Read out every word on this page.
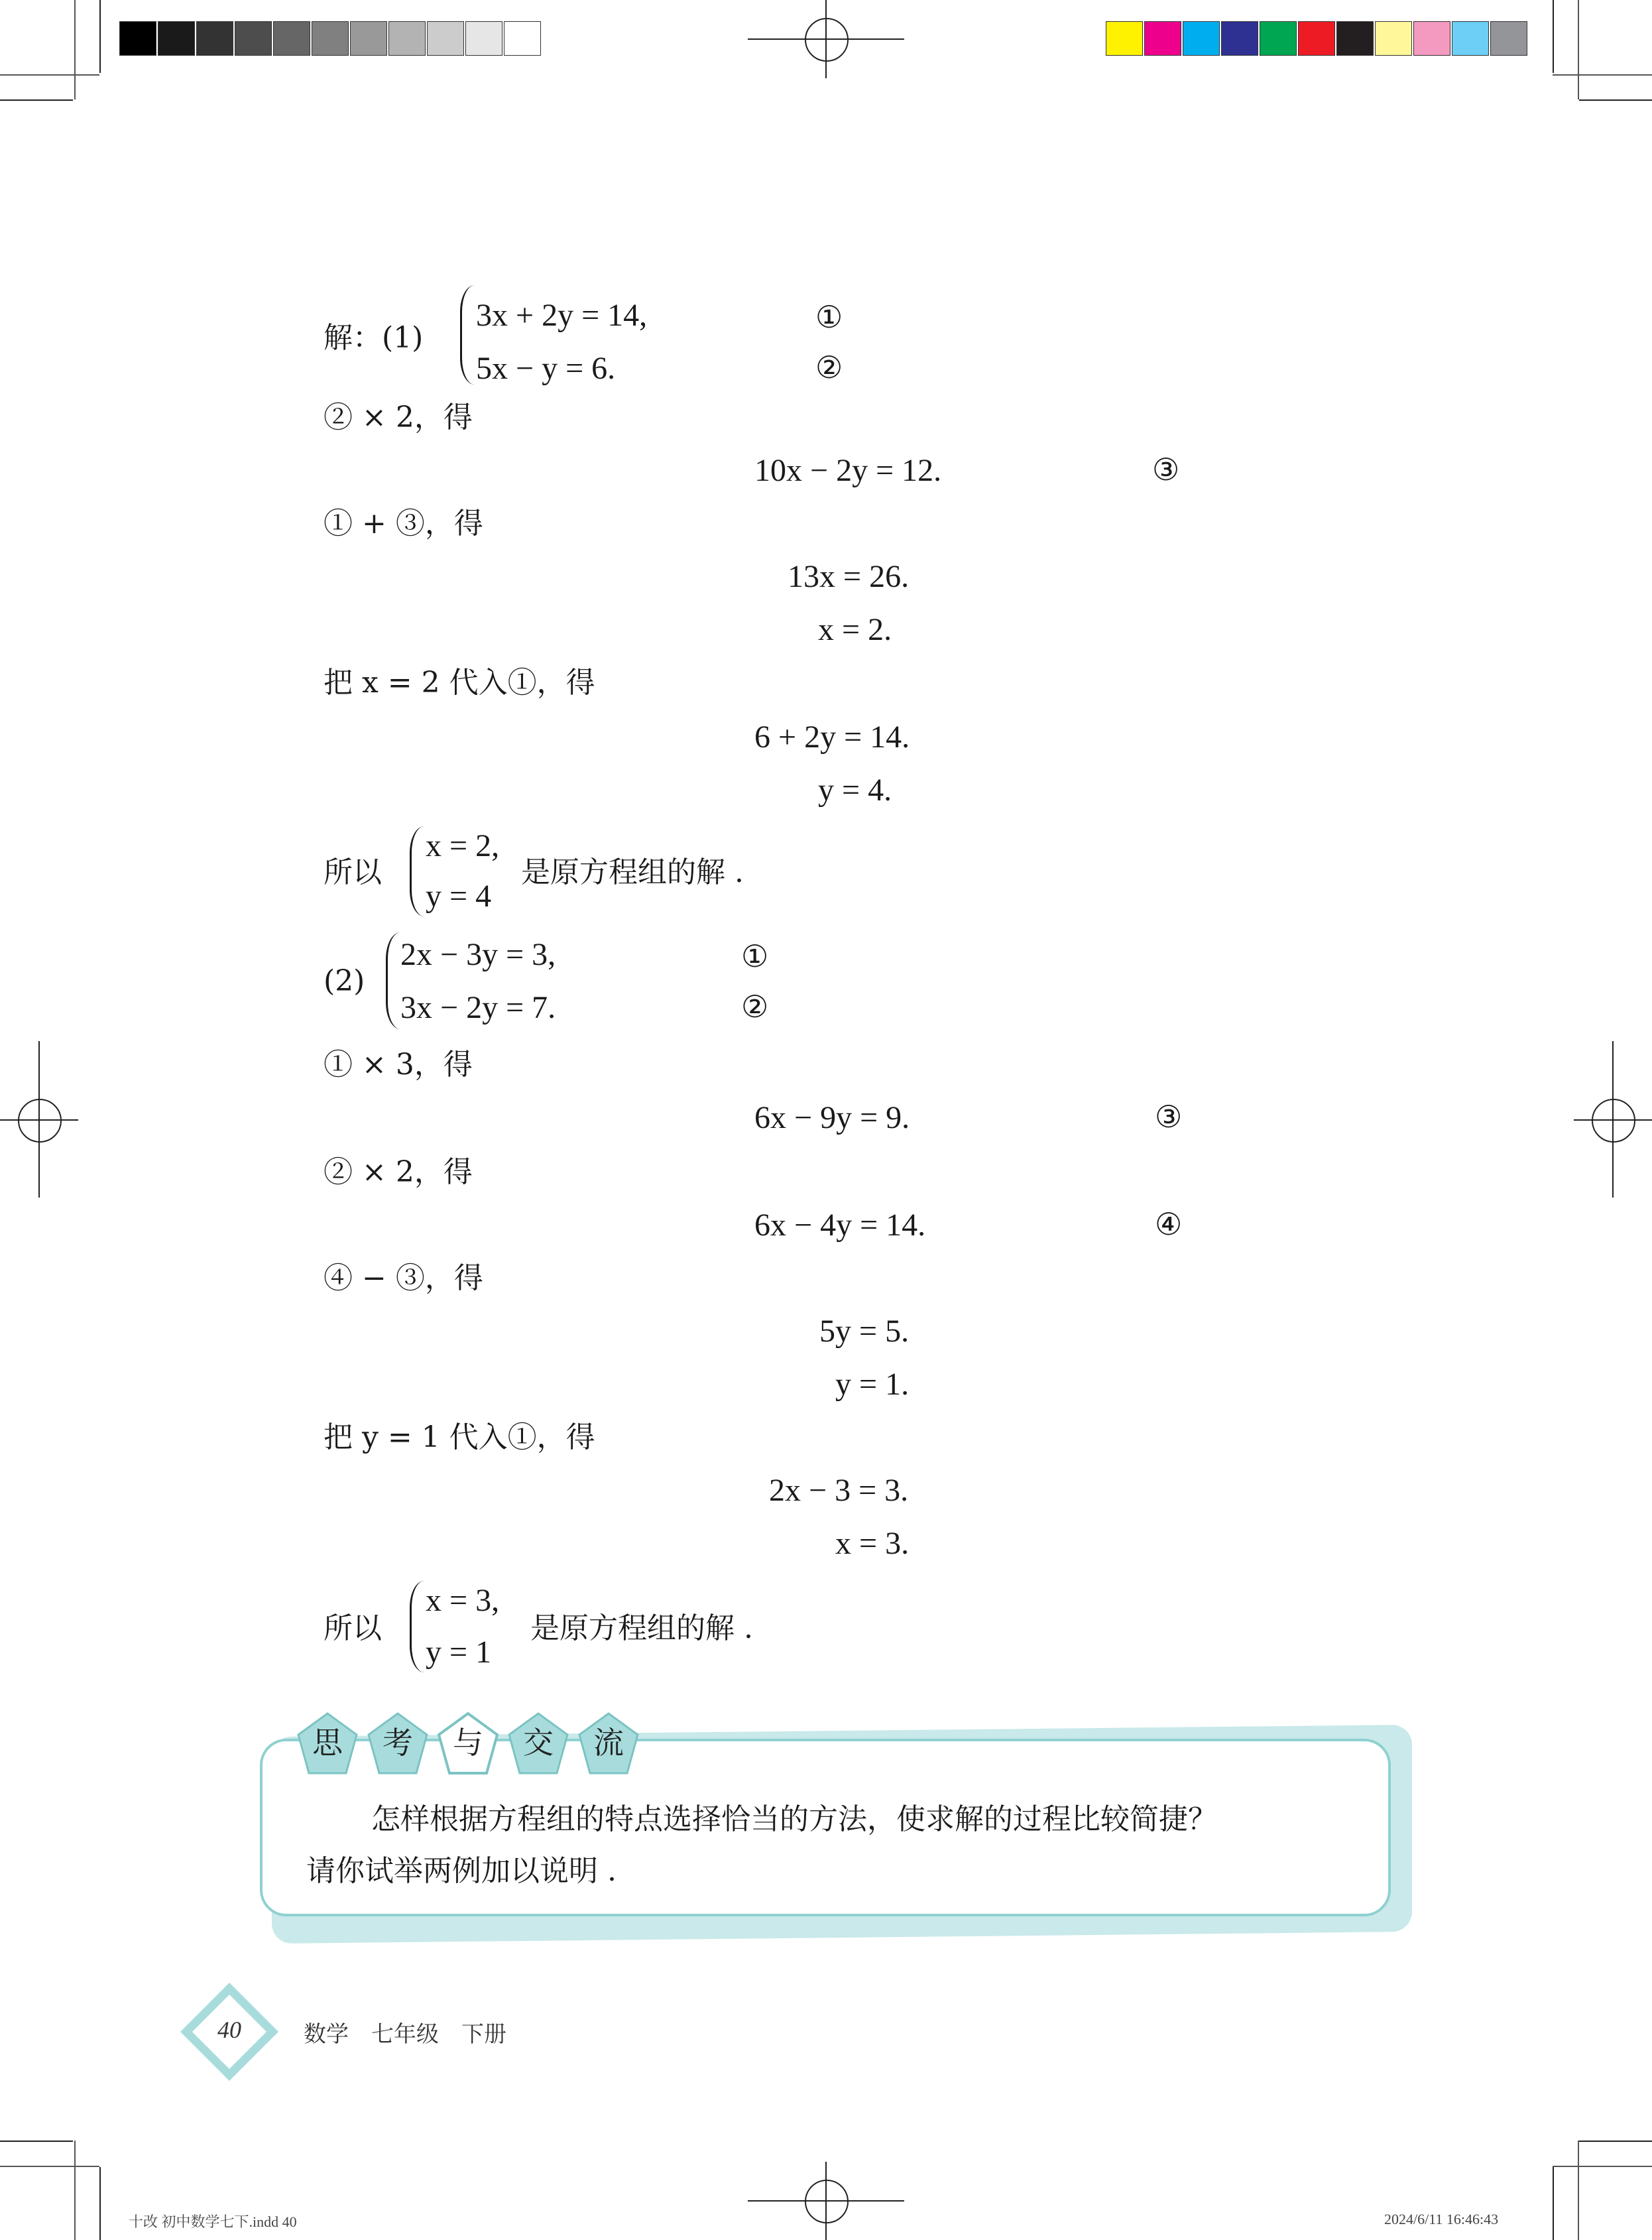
解：(1)
3x + 2y = 14,
5x − y = 6.
①
②
② × 2，得
10x − 2y = 12.	③
① + ③，得
13x = 26.
x = 2.
把 x = 2 代入①，得
6 + 2y = 14.
y = 4.
所以
x = 2,
y = 4
是原方程组的解 .
(2)
2x − 3y = 3,
3x − 2y = 7.
①
②
① × 3，得
6x − 9y = 9.	③
② × 2，得
6x − 4y = 14.	④
④ − ③，得
5y = 5.
y = 1.
把 y = 1 代入①，得
2x − 3 = 3.
x = 3.
所以
x = 3,
y = 1
是原方程组的解 .
思	考	与	交	流
怎样根据方程组的特点选择恰当的方法，使求解的过程比较简捷？
请你试举两例加以说明 .
40	数学　七年级　下册
十改 初中数学七下.indd 40	2024/6/11 16:46:43
